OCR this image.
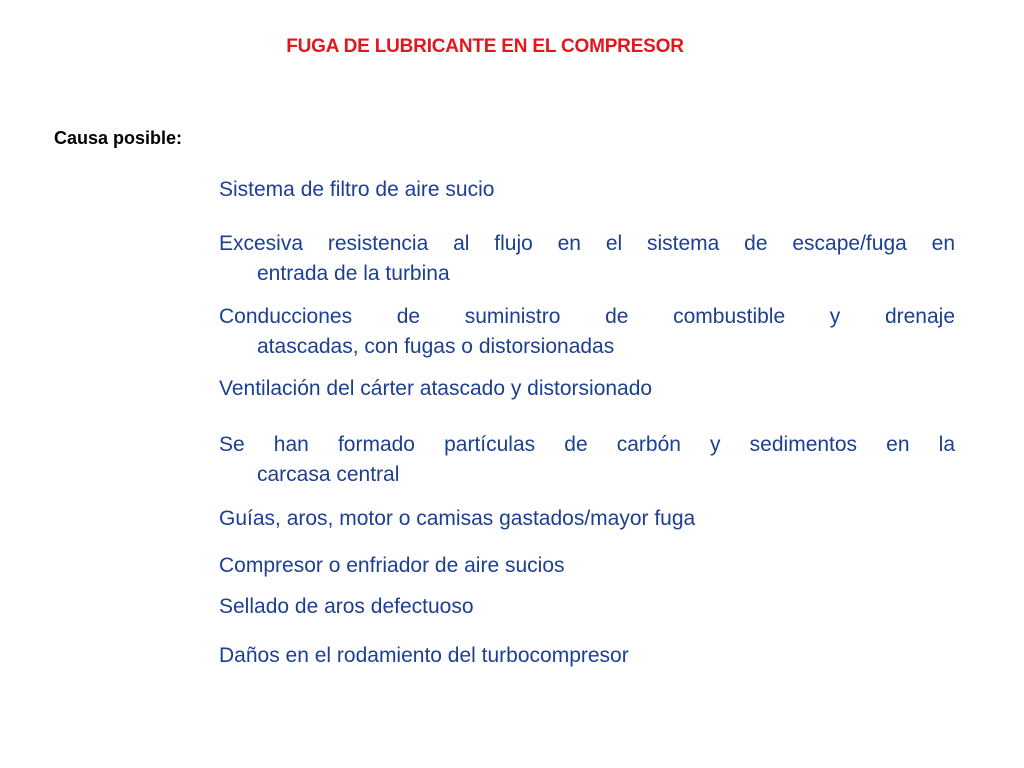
FUGA DE LUBRICANTE EN EL COMPRESOR
Causa posible:
Sistema de filtro de aire sucio
Excesiva resistencia al flujo en el sistema de escape/fuga en
entrada de la turbina
Conducciones de suministro de combustible y drenaje
atascadas, con fugas o distorsionadas
Ventilación del cárter atascado y distorsionado
Se han formado partículas de carbón y sedimentos en la
carcasa central
Guías, aros, motor o camisas gastados/mayor fuga
Compresor o enfriador de aire sucios
Sellado de aros defectuoso
Daños en el rodamiento del turbocompresor
